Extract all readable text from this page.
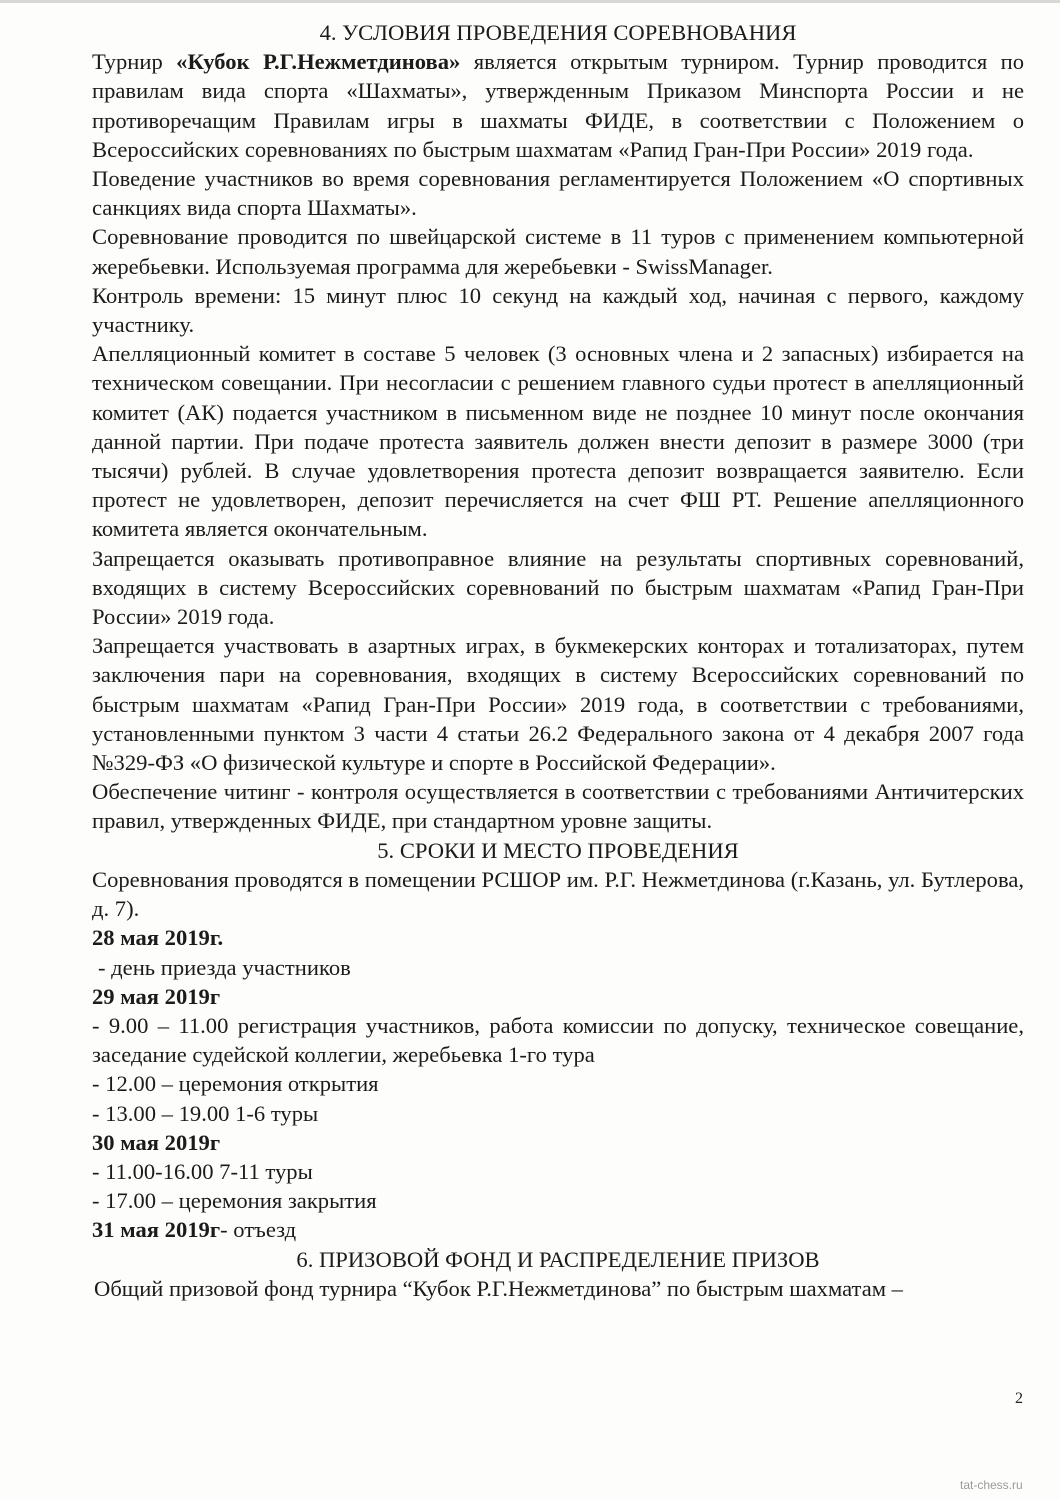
4. УСЛОВИЯ ПРОВЕДЕНИЯ СОРЕВНОВАНИЯ

Турнир «Кубок Р.Г.Нежметдинова» является открытым турниром. Турнир проводится по правилам вида спорта «Шахматы», утвержденным Приказом Минспорта России и не противоречащим Правилам игры в шахматы ФИДЕ, в соответствии с Положением о Всероссийских соревнованиях по быстрым шахматам «Рапид Гран-При России» 2019 года.

Поведение участников во время соревнования регламентируется Положением «О спортивных санкциях вида спорта Шахматы».

Соревнование проводится по швейцарской системе в 11 туров с применением компьютерной жеребьевки. Используемая программа для жеребьевки - SwissManager.

Контроль времени: 15 минут плюс 10 секунд на каждый ход, начиная с первого, каждому участнику.

Апелляционный комитет в составе 5 человек (3 основных члена и 2 запасных) избирается на техническом совещании. При несогласии с решением главного судьи протест в апелляционный комитет (АК) подается участником в письменном виде не позднее 10 минут после окончания данной партии. При подаче протеста заявитель должен внести депозит в размере 3000 (три тысячи) рублей. В случае удовлетворения протеста депозит возвращается заявителю. Если протест не удовлетворен, депозит перечисляется на счет ФШ РТ. Решение апелляционного комитета является окончательным.

Запрещается оказывать противоправное влияние на результаты спортивных соревнований, входящих в систему Всероссийских соревнований по быстрым шахматам «Рапид Гран-При России» 2019 года.

Запрещается участвовать в азартных играх, в букмекерских конторах и тотализаторах, путем заключения пари на соревнования, входящих в систему Всероссийских соревнований по быстрым шахматам «Рапид Гран-При России» 2019 года, в соответствии с требованиями, установленными пунктом 3 части 4 статьи 26.2 Федерального закона от 4 декабря 2007 года №329-ФЗ «О физической культуре и спорте в Российской Федерации».

Обеспечение читинг - контроля осуществляется в соответствии с требованиями Античитерских правил, утвержденных ФИДЕ, при стандартном уровне защиты.

5. СРОКИ И МЕСТО ПРОВЕДЕНИЯ

Соревнования проводятся в помещении РСШОР им. Р.Г. Нежметдинова (г.Казань, ул. Бутлерова, д. 7).

28 мая 2019г.

- день приезда участников

29 мая 2019г

- 9.00 – 11.00 регистрация участников, работа комиссии по допуску, техническое совещание, заседание судейской коллегии, жеребьевка 1-го тура

- 12.00 – церемония открытия

- 13.00 – 19.00 1-6 туры

30 мая 2019г

- 11.00-16.00 7-11 туры

- 17.00 – церемония закрытия

31 мая 2019г- отъезд

6. ПРИЗОВОЙ ФОНД И РАСПРЕДЕЛЕНИЕ ПРИЗОВ

Общий призовой фонд турнира “Кубок Р.Г.Нежметдинова” по быстрым шахматам –

2
tat-chess.ru
